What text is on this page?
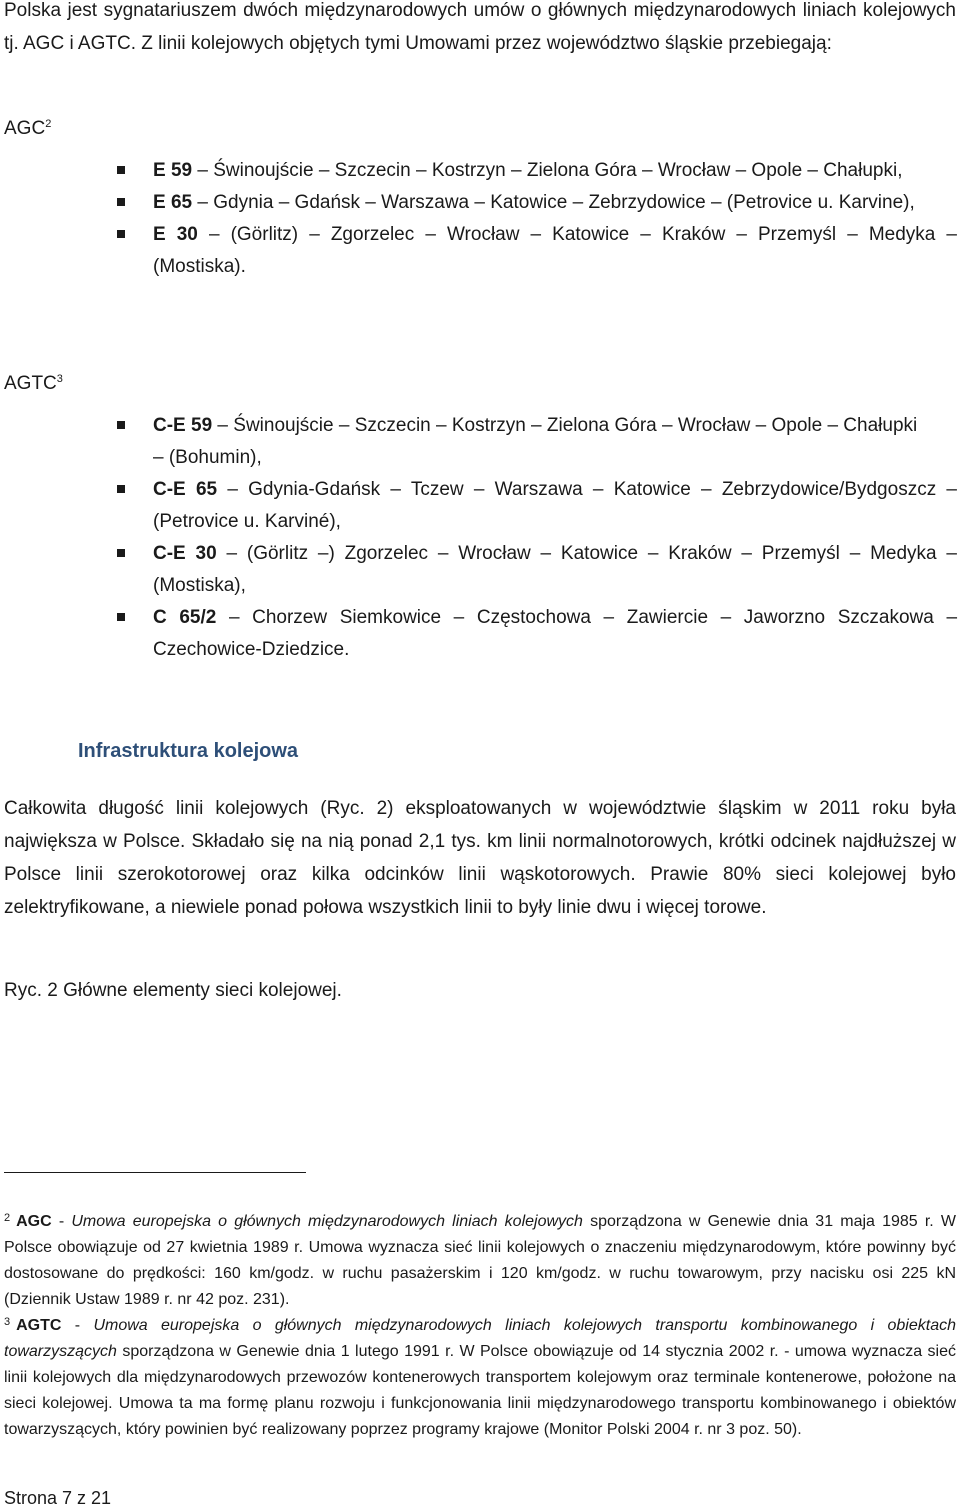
Polska jest sygnatariuszem dwóch międzynarodowych umów o głównych międzynarodowych liniach kolejowych tj. AGC i AGTC. Z linii kolejowych objętych tymi Umowami przez województwo śląskie przebiegają:

AGC$^2$

E 59 – Świnoujście – Szczecin – Kostrzyn – Zielona Góra – Wrocław – Opole – Chałupki,
E 65 – Gdynia – Gdańsk – Warszawa – Katowice – Zebrzydowice – (Petrovice u. Karvine),
E 30 – (Görlitz) – Zgorzelec – Wrocław – Katowice – Kraków – Przemyśl – Medyka – (Mostiska).

AGTC$^3$

C-E 59 – Świnoujście – Szczecin – Kostrzyn – Zielona Góra – Wrocław – Opole – Chałupki
– (Bohumin),
C-E 65 – Gdynia-Gdańsk – Tczew – Warszawa – Katowice – Zebrzydowice/Bydgoszcz – (Petrovice u. Karviné),
C-E 30 – (Görlitz –) Zgorzelec – Wrocław – Katowice – Kraków – Przemyśl – Medyka – (Mostiska),
C 65/2 – Chorzew Siemkowice – Częstochowa – Zawiercie – Jaworzno Szczakowa – Czechowice-Dziedzice.
Infrastruktura kolejowa

Całkowita długość linii kolejowych (Ryc. 2) eksploatowanych w województwie śląskim w 2011 roku była największa w Polsce. Składało się na nią ponad 2,1 tys. km linii normalnotorowych, krótki odcinek najdłuższej w Polsce linii szerokotorowej oraz kilka odcinków linii wąskotorowych. Prawie 80% sieci kolejowej było zelektryfikowane, a niewiele ponad połowa wszystkich linii to były linie dwu i więcej torowe.

Ryc. 2 Główne elementy sieci kolejowej.

$^2$ AGC - Umowa europejska o głównych międzynarodowych liniach kolejowych sporządzona w Genewie dnia 31 maja 1985 r. W Polsce obowiązuje od 27 kwietnia 1989 r. Umowa wyznacza sieć linii kolejowych o znaczeniu międzynarodowym, które powinny być dostosowane do prędkości: 160 km/godz. w ruchu pasażerskim i 120 km/godz. w ruchu towarowym, przy nacisku osi 225 kN (Dziennik Ustaw 1989 r. nr 42 poz. 231).

$^3$ AGTC - Umowa europejska o głównych międzynarodowych liniach kolejowych transportu kombinowanego i obiektach towarzyszących sporządzona w Genewie dnia 1 lutego 1991 r. W Polsce obowiązuje od 14 stycznia 2002 r. - umowa wyznacza sieć linii kolejowych dla międzynarodowych przewozów kontenerowych transportem kolejowym oraz terminale kontenerowe, położone na sieci kolejowej. Umowa ta ma formę planu rozwoju i funkcjonowania linii międzynarodowego transportu kombinowanego i obiektów towarzyszących, który powinien być realizowany poprzez programy krajowe (Monitor Polski 2004 r. nr 3 poz. 50).

Strona 7 z 21
